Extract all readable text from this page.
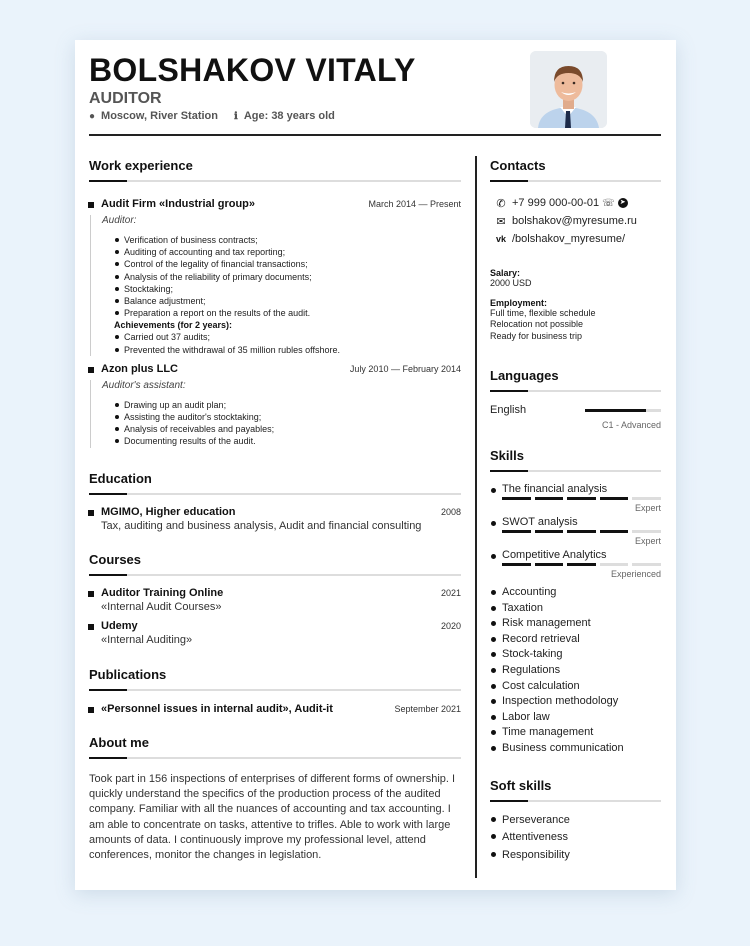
BOLSHAKOV VITALY
AUDITOR
● Moscow, River Station ℹ Age: 38 years old
Work experience
Audit Firm «Industrial group»	March 2014 — Present
Auditor:
Verification of business contracts;
Auditing of accounting and tax reporting;
Control of the legality of financial transactions;
Analysis of the reliability of primary documents;
Stocktaking;
Balance adjustment;
Preparation a report on the results of the audit.
Achievements (for 2 years):
Carried out 37 audits;
Prevented the withdrawal of 35 million rubles offshore.
Azon plus LLC	July 2010 — February 2014
Auditor's assistant:
Drawing up an audit plan;
Assisting the auditor's stocktaking;
Analysis of receivables and payables;
Documenting results of the audit.
Education
MGIMO, Higher education	2008
Tax, auditing and business analysis, Audit and financial consulting
Courses
Auditor Training Online	2021
«Internal Audit Courses»
Udemy	2020
«Internal Auditing»
Publications
«Personnel issues in internal audit», Audit-it	September 2021
About me
Took part in 156 inspections of enterprises of different forms of ownership. I quickly understand the specifics of the production process of the audited company. Familiar with all the nuances of accounting and tax accounting. I am able to concentrate on tasks, attentive to trifles. Able to work with large amounts of data. I continuously improve my professional level, attend conferences, monitor the changes in legislation.
Contacts
✆ +7 999 000-00-01 ☏ ➤
✉ bolshakov@myresume.ru
vk /bolshakov_myresume/
Salary:
2000 USD
Employment:
Full time, flexible schedule
Relocation not possible
Ready for business trip
Languages
English
C1 - Advanced
Skills
The financial analysis
Expert
SWOT analysis
Expert
Competitive Analytics
Experienced
Accounting
Taxation
Risk management
Record retrieval
Stock-taking
Regulations
Cost calculation
Inspection methodology
Labor law
Time management
Business communication
Soft skills
Perseverance
Attentiveness
Responsibility
